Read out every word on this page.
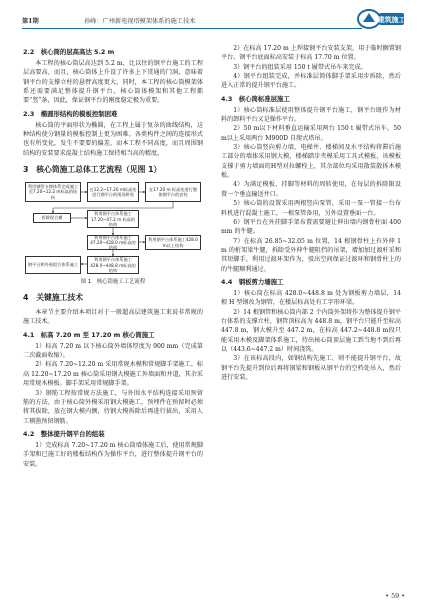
第1期	孙峰：广州新电视塔模架体系的施工技术	建筑施工
2.2　核心筒的层高高达 5.2 m

本工程的核心筒层高达到 5.2 m，比以往的钢平台施工的工程层高要高，而且，核心筒体上升设了许多上下贯通的门洞，意味着钢平台的支撑立柱的悬臂高度更大，同时，本工程的核心筒模架体系还需要满足整体提升钢平台、核心筒体模架和其他工程都要“竖”条，因此，保证钢平台的刚度稳定极为重要。

2.3　椭圆形结构的模板控制困难

核心筒的平面形状为椭圆，在工程上属于复杂的曲线结构，这种结构使分钢量的模板控制上更为困难。各类构件之间的连接形式也有所变化，发生不要要的偏差，而本工程不同高度，而且周围钢结构的安装要求混凝土结构施工保持相当高的精度。

3　核心筒施工总体工艺流程（见图 1）
利用钢管支撑体系完成施工至7.20~12.2 m标高的结构
在12.2~17.20 m标高处进行钢平台的现场拼装
在17.20 m 标高处进行整体钢平台的安装
拆除现合模
利用钢平台体系施工17.20~47.2 m 标高的结构
利用钢平台体系施工47.20~428.0 m标高的结构
利用钢平台体系施工428.0 m以上结构
利用钢平台体系施工428.0~448.8 m标高的结构
钢平台和外围组合体系施工
图 1　核心筒施工工艺流程
4　关键施工技术

本章节主要介绍本项目对于一般超高层建筑施工来说非常规的施工技术。

4.1　标高 7.20 m 至 17.20 m 核心筒施工

1）标高 7.20 m 以下核心筒外墙体厚度为 900 mm（完成第二次截面收缩）。

2）标高 7.20~12.20 m 采用常规木模和常规脚手架施工。标高 12.20~17.20 m 核心筒采用钢大模施工外墙面和并道，其余采用常规木模板。脚手架采用常规脚手架。

3）钢筋工程按常规方法施工，与外围水平结构连接采用预留筋的方法，由于核心筒外模采用钢大模施工，预埋件在预留时必须将其拔除，放在钢大模内侧，待钢大模拆除后再进行拔出，采用人工剔凿预留钢筋。

4.2　整体提升钢平台的组装

1）完成标高 7.20~17.20 m 核心筒墙体施工后，使用常规脚手架和已施工好的楼板结构作为操作平台，进行整体提升钢平台的安装。

2）在标高 17.20 m 上焊接钢平台安装支架，用于临时搁置钢平台。钢平台底面标高安装于标高 17.70 m 位置。

3）钢平台的组装采用 150 t 履带式吊车来完成。

4）钢平台组装完成，并标准层简体脚手架采用步拆除，然后进入正常的提升钢平台施工。

4.3　核心筒标准层施工

1）核心筒标准层使用整体提升钢平台施工，钢平台既作为材料的卸料平台又是操作平台。

2）50 m以下材料垂直运输采用两台 150 t 履带式吊车，50 m以上采用两台 M900D 自爬式塔吊。

3）核心筒竖向剪力墙、电梯井、楼梯间及水平结构将滞后施工部分的墙体采用钢大模，楼梯踏步夹模采用工具式模板，该模板支撑于剪力墙面的H型对拉螺栓上，其余部位均采用散装散拆木模板。

4）为满足模板、挂脚等材料的周转使用，在每层的拆除限设置一个垂直输送井口。

5）核心筒的设置采用两根竖向泵管，采用一泵一管接一台布料机进行混凝土施工，一根泵管备用，另外设置垂面一台。

6）钢平台在外挂脚手架布置需要避让伸出墙内钢骨柱面 400 mm 的牛腿。

7）在标高 26.85~32.05 m 位置，14 根钢骨柱上有外伸 1 m 的桁架梁牛腿，拆除受外伸牛腿阻挡的吊架，增加加过渡杆采和其短脚手，利用过渡环架作为，驳出空间保证过渡环和钢骨柱上的的牛腿顺利通过。

4.4　钢板剪力墙施工

1）核心筒在标高 428.0~448.8 m 处为钢板剪力墙层，14 根 H 型钢改为钢管，在楼层标高处有工字形环梁。

2）14 根钢管和核心筒内部 2 个内筒外架将作为整体提升钢平台体系的支撑立柱，钢管顶标高为 448.8 m，钢平台只能升至标高 447.8 m，钢大模升至 447.2 m，在标高 447.2~448.8 m段只能采用木模及脚架体系施工，待出核心筒顶层施工到当地不到后再以（443.6~447.2 m）时间浇筑。

3）在该标高段内，如钢结构先施工，则不能提升钢平台，故钢平台先提升到位后再将钢梁和钢板从钢平台的空档处吊入，然后进行安装。

• 59 •
